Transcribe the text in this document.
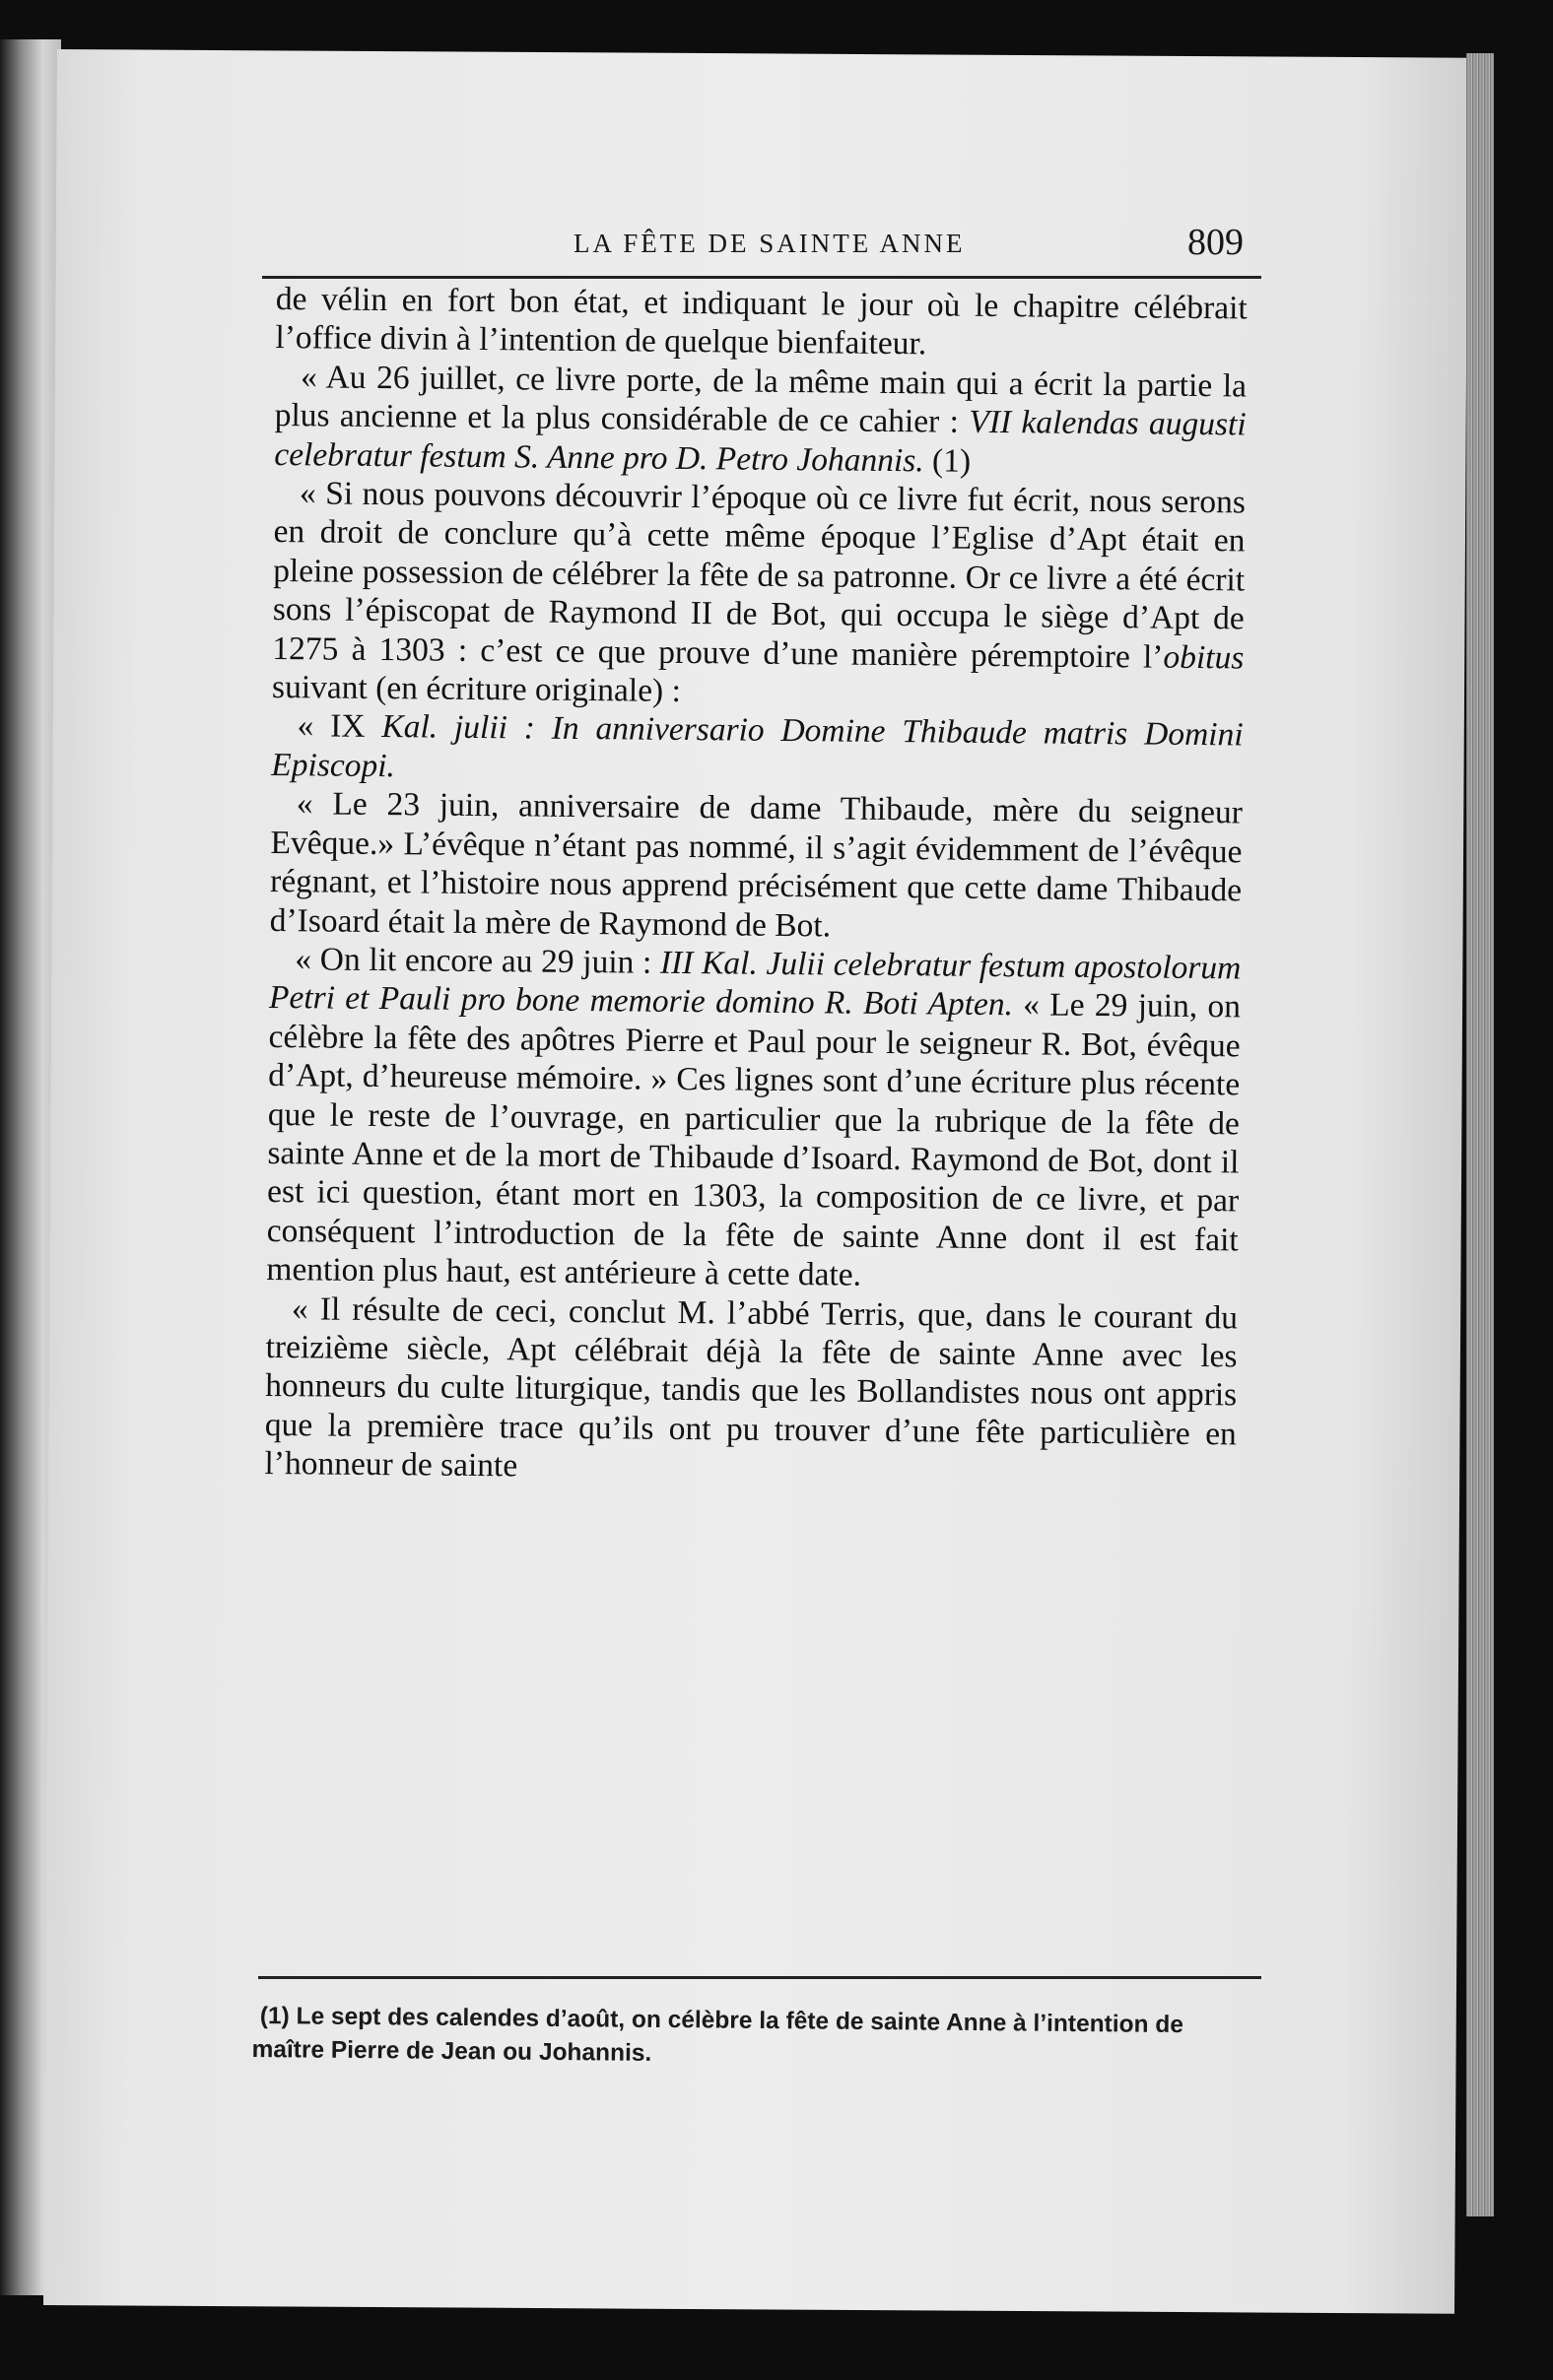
LA FÊTE DE SAINTE ANNE	809

de vélin en fort bon état, et indiquant le jour où le chapitre célébrait l’office divin à l’intention de quelque bienfaiteur.

« Au 26 juillet, ce livre porte, de la même main qui a écrit la partie la plus ancienne et la plus considérable de ce cahier : VII kalendas augusti celebratur festum S. Anne pro D. Petro Johannis. (1)

« Si nous pouvons découvrir l’époque où ce livre fut écrit, nous serons en droit de conclure qu’à cette même époque l’Eglise d’Apt était en pleine possession de célébrer la fête de sa patronne. Or ce livre a été écrit sons l’épiscopat de Raymond II de Bot, qui occupa le siège d’Apt de 1275 à 1303 : c’est ce que prouve d’une manière péremptoire l’obitus suivant (en écriture originale) :

« IX Kal. julii : In anniversario Domine Thibaude matris Domini Episcopi.

« Le 23 juin, anniversaire de dame Thibaude, mère du seigneur Evêque.» L’évêque n’étant pas nommé, il s’agit évidemment de l’évêque régnant, et l’histoire nous apprend précisément que cette dame Thibaude d’Isoard était la mère de Raymond de Bot.

« On lit encore au 29 juin : III Kal. Julii celebratur festum apostolorum Petri et Pauli pro bone memorie domino R. Boti Apten. « Le 29 juin, on célèbre la fête des apôtres Pierre et Paul pour le seigneur R. Bot, évêque d’Apt, d’heureuse mémoire. » Ces lignes sont d’une écriture plus récente que le reste de l’ouvrage, en particulier que la rubrique de la fête de sainte Anne et de la mort de Thibaude d’Isoard. Raymond de Bot, dont il est ici question, étant mort en 1303, la composition de ce livre, et par conséquent l’introduction de la fête de sainte Anne dont il est fait mention plus haut, est antérieure à cette date.

« Il résulte de ceci, conclut M. l’abbé Terris, que, dans le courant du treizième siècle, Apt célébrait déjà la fête de sainte Anne avec les honneurs du culte liturgique, tandis que les Bollandistes nous ont appris que la première trace qu’ils ont pu trouver d’une fête particulière en l’honneur de sainte

(1) Le sept des calendes d’août, on célèbre la fête de sainte Anne à l’intention de maître Pierre de Jean ou Johannis.
